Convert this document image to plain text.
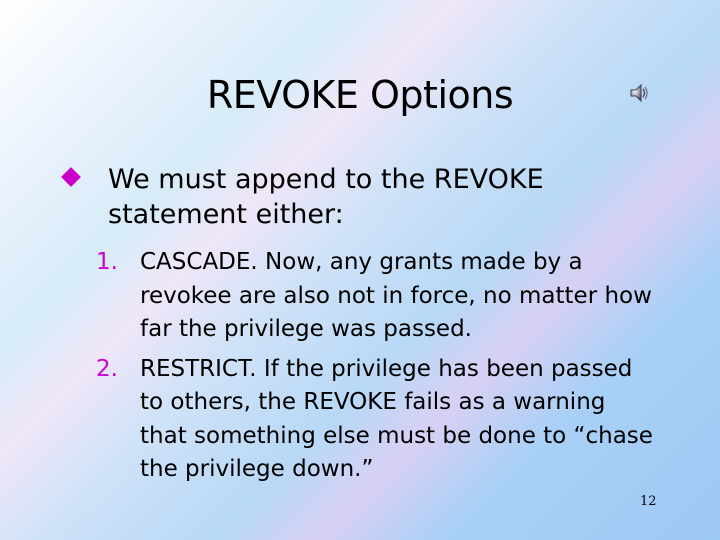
REVOKE Options
We must append to the REVOKE statement either:
1. CASCADE. Now, any grants made by a revokee are also not in force, no matter how far the privilege was passed.
2. RESTRICT. If the privilege has been passed to others, the REVOKE fails as a warning that something else must be done to “chase the privilege down.”
12
